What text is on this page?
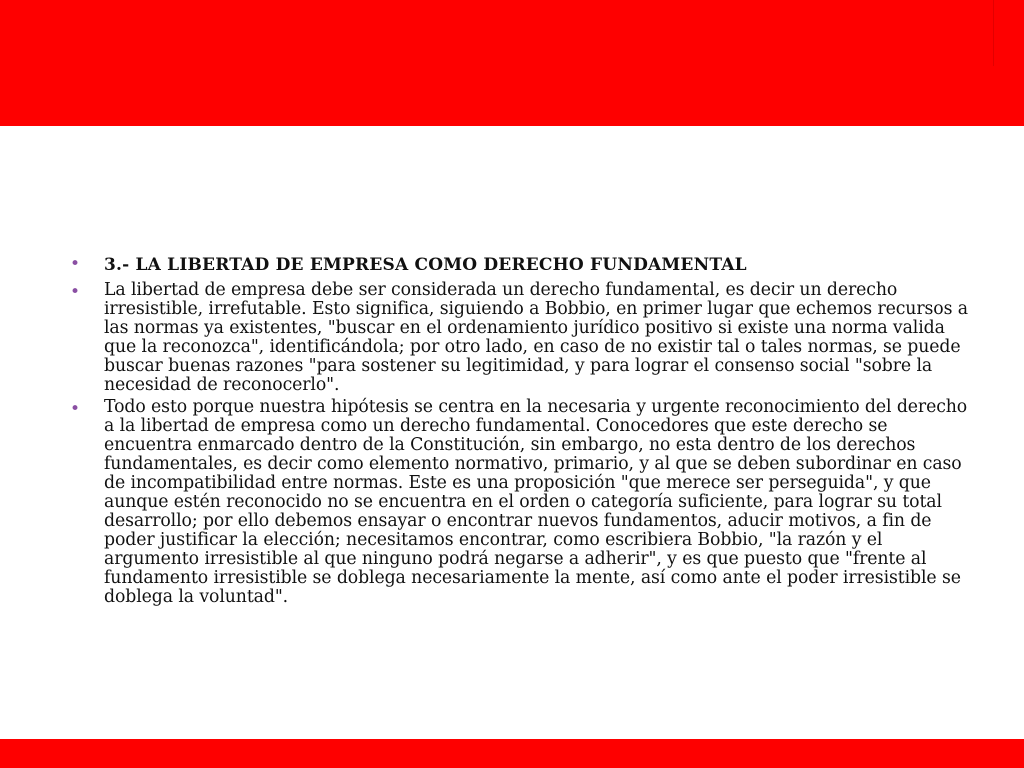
• 3.- LA LIBERTAD DE EMPRESA COMO DERECHO FUNDAMENTAL
• La libertad de empresa debe ser considerada un derecho fundamental, es decir un derecho irresistible, irrefutable. Esto significa, siguiendo a Bobbio, en primer lugar que echemos recursos a las normas ya existentes, "buscar en el ordenamiento jurídico positivo si existe una norma valida que la reconozca", identificándola; por otro lado, en caso de no existir tal o tales normas, se puede buscar buenas razones "para sostener su legitimidad, y para lograr el consenso social "sobre la necesidad de reconocerlo".
• Todo esto porque nuestra hipótesis se centra en la necesaria y urgente reconocimiento del derecho a la libertad de empresa como un derecho fundamental. Conocedores que este derecho se encuentra enmarcado dentro de la Constitución, sin embargo, no esta dentro de los derechos fundamentales, es decir como elemento normativo, primario, y al que se deben subordinar en caso de incompatibilidad entre normas. Este es una proposición "que merece ser perseguida", y que aunque estén reconocido no se encuentra en el orden o categoría suficiente, para lograr su total desarrollo; por ello debemos ensayar o encontrar nuevos fundamentos, aducir motivos, a fin de poder justificar la elección; necesitamos encontrar, como escribiera Bobbio, "la razón y el argumento irresistible al que ninguno podrá negarse a adherir", y es que puesto que "frente al fundamento irresistible se doblega necesariamente la mente, así como ante el poder irresistible se doblega la voluntad".
